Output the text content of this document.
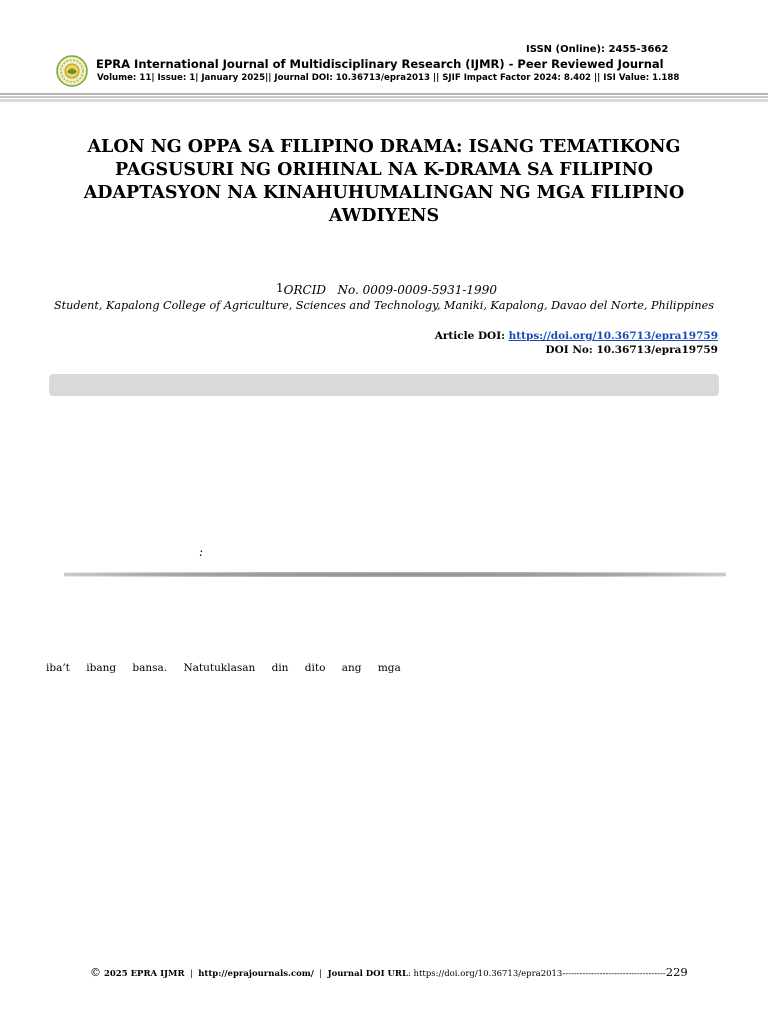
ISSN (Online): 2455-3662
EPRA International Journal of Multidisciplinary Research (IJMR) - Peer Reviewed Journal
Volume: 11| Issue: 1| January 2025|| Journal DOI: 10.36713/epra2013 || SJIF Impact Factor 2024: 8.402 || ISI Value: 1.188
ALON NG OPPA SA FILIPINO DRAMA: ISANG TEMATIKONG
PAGSUSURI NG ORIHINAL NA K-DRAMA SA FILIPINO
ADAPTASYON NA KINAHUHUMALINGAN NG MGA FILIPINO
AWDIYENS
$^1$ORCID   No. 0009-0009-5931-1990
Student, Kapalong College of Agriculture, Sciences and Technology, Maniki, Kapalong, Davao del Norte, Philippines
Article DOI: https://doi.org/10.36713/epra19759
DOI No: 10.36713/epra19759
:
iba’t ibang bansa. Natutuklasan din dito ang mga
© 2025 EPRA IJMR  |  http://eprajournals.com/  |  Journal DOI URL: https://doi.org/10.36713/epra2013------------------------------------229
